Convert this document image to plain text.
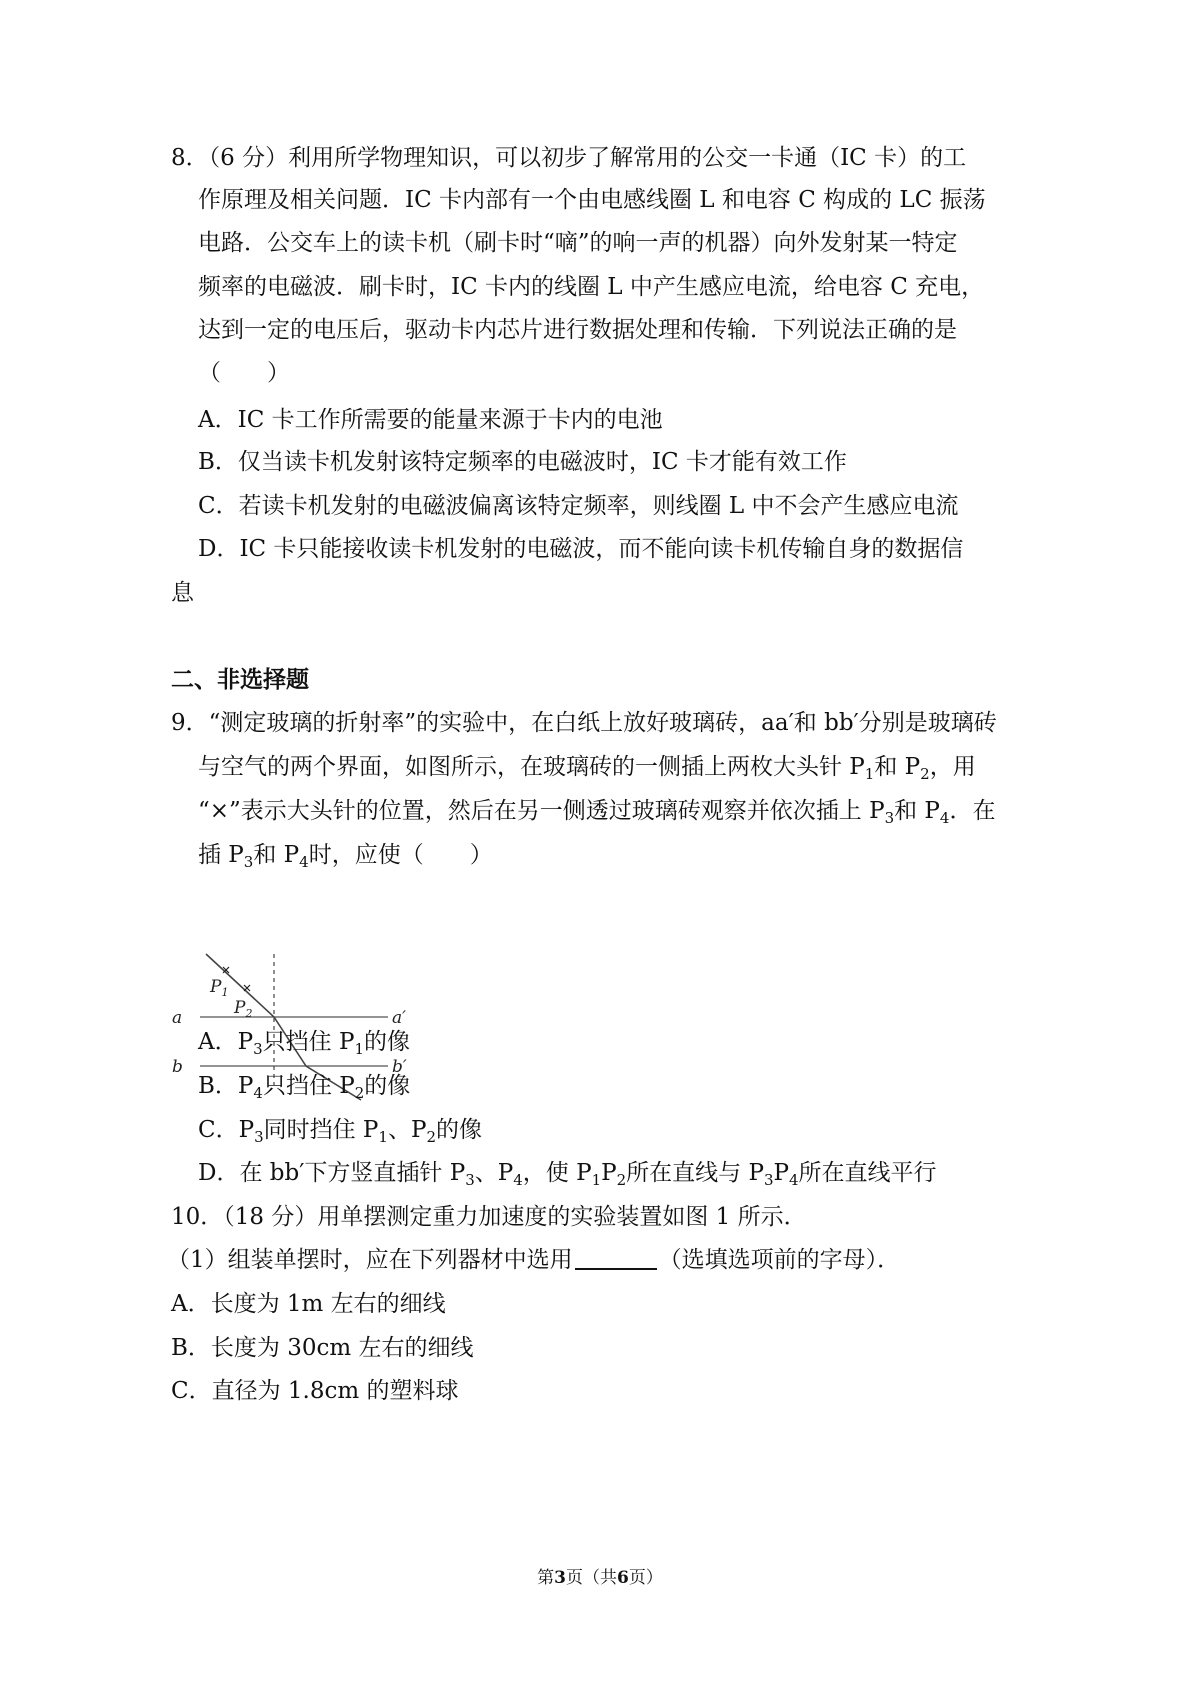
8．（6 分）利用所学物理知识，可以初步了解常用的公交一卡通（IC 卡）的工
作原理及相关问题．IC 卡内部有一个由电感线圈 L 和电容 C 构成的 LC 振荡
电路．公交车上的读卡机（刷卡时“嘀”的响一声的机器）向外发射某一特定
频率的电磁波．刷卡时，IC 卡内的线圈 L 中产生感应电流，给电容 C 充电，
达到一定的电压后，驱动卡内芯片进行数据处理和传输．下列说法正确的是
（　　）
A．IC 卡工作所需要的能量来源于卡内的电池
B．仅当读卡机发射该特定频率的电磁波时，IC 卡才能有效工作
C．若读卡机发射的电磁波偏离该特定频率，则线圈 L 中不会产生感应电流
D．IC 卡只能接收读卡机发射的电磁波，而不能向读卡机传输自身的数据信
息
二、非选择题
9．“测定玻璃的折射率”的实验中，在白纸上放好玻璃砖，aa′和 bb′分别是玻璃砖
与空气的两个界面，如图所示，在玻璃砖的一侧插上两枚大头针 $P_1$和 $P_2$，用
“×”表示大头针的位置，然后在另一侧透过玻璃砖观察并依次插上 $P_3$和 $P_4$．在
插 $P_3$和 $P_4$时，应使（　　）
$P_1$
$P_2$
a	a′
b	b′
A．$P_3$只挡住 $P_1$的像
B．$P_4$只挡住 $P_2$的像
C．$P_3$同时挡住 $P_1$、$P_2$的像
D．在 bb′下方竖直插针 $P_3$、$P_4$，使 $P_1P_2$所在直线与 $P_3P_4$所在直线平行
10．（18 分）用单摆测定重力加速度的实验装置如图 1 所示．
（1）组装单摆时，应在下列器材中选用	（选填选项前的字母）．
A．长度为 1m 左右的细线
B．长度为 30cm 左右的细线
C．直径为 1.8cm 的塑料球
第3页（共6页）
